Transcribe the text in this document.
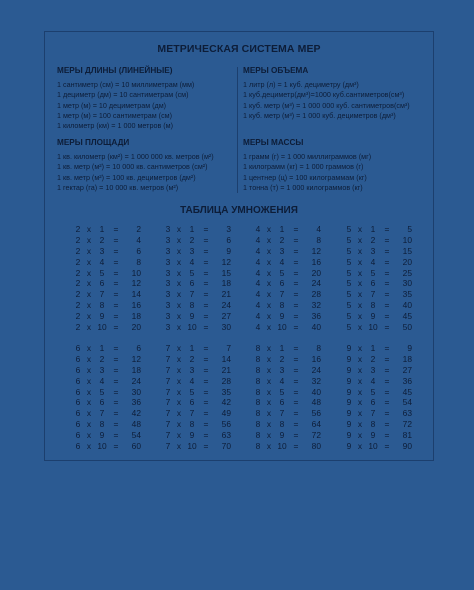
МЕТРИЧЕСКАЯ СИСТЕМА МЕР
МЕРЫ ДЛИНЫ (ЛИНЕЙНЫЕ)
1 сантиметр (см) = 10 миллиметрам (мм)
1 дециметр (дм) = 10 сантиметрам (см)
1 метр (м) = 10 дециметрам (дм)
1 метр (м) = 100 сантиметрам (см)
1 километр (км) = 1 000 метров (м)
МЕРЫ ОБЪЕМА
1 литр (л) = 1 куб. дециметру (дм³)
1 куб.дециметр(дм³)=1000 куб.сантиметров(см³)
1 куб. метр (м³) = 1 000 000 куб. сантиметров(см³)
1 куб. метр (м³) = 1 000 куб. дециметров (дм³)
МЕРЫ ПЛОЩАДИ
1 кв. километр (км²) = 1 000 000 кв. метров (м²)
1 кв. метр (м²) = 10 000 кв. сантиметров (см²)
1 кв. метр (м²) = 100 кв. дециметров (дм²)
1 гектар (га) = 10 000 кв. метров (м²)
МЕРЫ МАССЫ
1 грамм (г) = 1 000 миллиграммов (мг)
1 килограмм (кг) = 1 000 граммов (г)
1 центнер (ц) = 100 килограммам (кг)
1 тонна (т) = 1 000 килограммов (кг)
ТАБЛИЦА УМНОЖЕНИЯ
2 x	1	=	2
2 x	2	=	4
2 x	3	=	6
2 x	4	=	8
2 x	5	=	10
2 x	6	=	12
2 x	7	=	14
2 x	8	=	16
2 x	9	=	18
2 x 10 =	20
3 x	1	=	3
3 x	2	=	6
3 x	3	=	9
3 x	4	=	12
3 x	5	=	15
3 x	6	=	18
3 x	7	=	21
3 x	8	=	24
3 x	9	=	27
3 x 10 =	30
4 x	1	=	4
4 x	2	=	8
4 x	3	=	12
4 x	4	=	16
4 x	5	=	20
4 x	6	=	24
4 x	7	=	28
4 x	8	=	32
4 x	9	=	36
4 x 10 =	40
5 x	1	=	5
5 x	2	=	10
5 x	3	=	15
5 x	4	=	20
5 x	5	=	25
5 x	6	=	30
5 x	7	=	35
5 x	8	=	40
5 x	9	=	45
5 x 10 =	50
6 x	1	=	6
6 x	2	=	12
6 x	3	=	18
6 x	4	=	24
6 x	5	=	30
6 x	6	=	36
6 x	7	=	42
6 x	8	=	48
6 x	9	=	54
6 x 10 =	60
7 x	1	=	7
7 x	2	=	14
7 x	3	=	21
7 x	4	=	28
7 x	5	=	35
7 x	6	=	42
7 x	7	=	49
7 x	8	=	56
7 x	9	=	63
7 x 10 =	70
8 x	1	=	8
8 x	2	=	16
8 x	3	=	24
8 x	4	=	32
8 x	5	=	40
8 x	6	=	48
8 x	7	=	56
8 x	8	=	64
8 x	9	=	72
8 x 10 =	80
9 x	1	=	9
9 x	2	=	18
9 x	3	=	27
9 x	4	=	36
9 x	5	=	45
9 x	6	=	54
9 x	7	=	63
9 x	8	=	72
9 x	9	=	81
9 x 10 =	90
